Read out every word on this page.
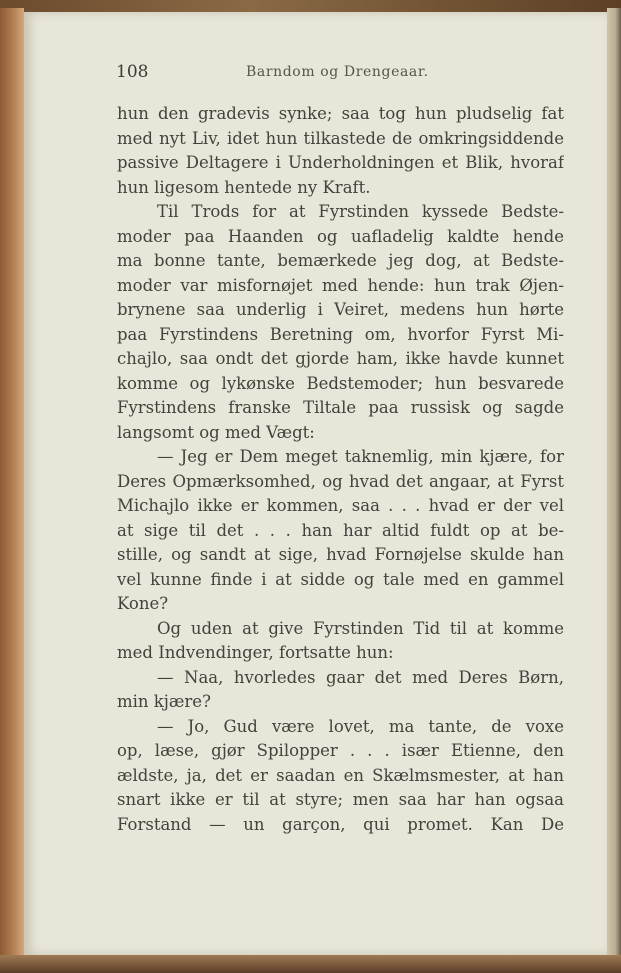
108	Barndom og Drengeaar.
hun den gradevis synke; saa tog hun pludselig fat
med nyt Liv, idet hun tilkastede de omkringsiddende
passive Deltagere i Underholdningen et Blik, hvoraf
hun ligesom hentede ny Kraft.
Til Trods for at Fyrstinden kyssede Bedste-
moder paa Haanden og uafladelig kaldte hende
ma bonne tante, bemærkede jeg dog, at Bedste-
moder var misfornøjet med hende: hun trak Øjen-
brynene saa underlig i Veiret, medens hun hørte
paa Fyrstindens Beretning om, hvorfor Fyrst Mi-
chajlo, saa ondt det gjorde ham, ikke havde kunnet
komme og lykønske Bedstemoder; hun besvarede
Fyrstindens franske Tiltale paa russisk og sagde
langsomt og med Vægt:
— Jeg er Dem meget taknemlig, min kjære, for
Deres Opmærksomhed, og hvad det angaar, at Fyrst
Michajlo ikke er kommen, saa . . . hvad er der vel
at sige til det . . . han har altid fuldt op at be-
stille, og sandt at sige, hvad Fornøjelse skulde han
vel kunne finde i at sidde og tale med en gammel
Kone?
Og uden at give Fyrstinden Tid til at komme
med Indvendinger, fortsatte hun:
— Naa, hvorledes gaar det med Deres Børn,
min kjære?
— Jo, Gud være lovet, ma tante, de voxe
op, læse, gjør Spilopper . . . især Etienne, den
ældste, ja, det er saadan en Skælmsmester, at han
snart ikke er til at styre; men saa har han ogsaa
Forstand — un garçon, qui promet. Kan De
